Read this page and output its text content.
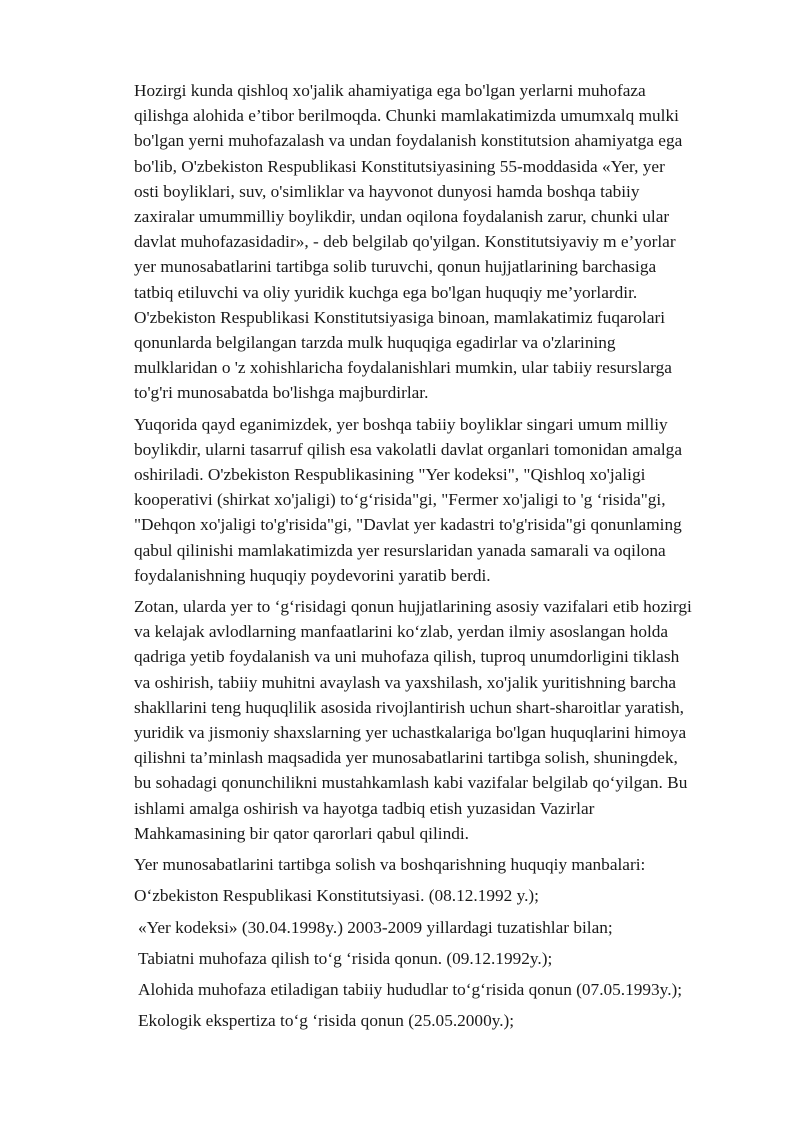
Hozirgi kunda qishloq xo'jalik ahamiyatiga ega bo'lgan yerlarni muhofaza
qilishga alohida e’tibor berilmoqda. Chunki mamlakatimizda umumxalq mulki
bo'lgan yerni muhofazalash va undan foydalanish konstitutsion ahamiyatga ega
bo'lib, O'zbekiston Respublikasi Konstitutsiyasining 55-moddasida «Yer, yer
osti boyliklari, suv, o'simliklar va hayvonot dunyosi hamda boshqa tabiiy
zaxiralar umummilliy boylikdir, undan oqilona foydalanish zarur, chunki ular
davlat muhofazasidadir», - deb belgilab qo'yilgan. Konstitutsiyaviy m e’yorlar
yer munosabatlarini tartibga solib turuvchi, qonun hujjatlarining barchasiga
tatbiq etiluvchi va oliy yuridik kuchga ega bo'lgan huquqiy me’yorlardir.
O'zbekiston Respublikasi Konstitutsiyasiga binoan, mamlakatimiz fuqarolari
qonunlarda belgilangan tarzda mulk huquqiga egadirlar va o'zlarining
mulklaridan o 'z xohishlaricha foydalanishlari mumkin, ular tabiiy resurslarga
to'g'ri munosabatda bo'lishga majburdirlar.
Yuqorida qayd eganimizdek, yer boshqa tabiiy boyliklar singari umum milliy
boylikdir, ularni tasarruf qilish esa vakolatli davlat organlari tomonidan amalga
oshiriladi. O'zbekiston Respublikasining "Yer kodeksi", "Qishloq xo'jaligi
kooperativi (shirkat xo'jaligi) to‘g‘risida"gi, "Fermer xo'jaligi to 'g ‘risida"gi,
"Dehqon xo'jaligi to'g'risida"gi, "Davlat yer kadastri to'g'risida"gi qonunlaming
qabul qilinishi mamlakatimizda yer resurslaridan yanada samarali va oqilona
foydalanishning huquqiy poydevorini yaratib berdi.
Zotan, ularda yer to ‘g‘risidagi qonun hujjatlarining asosiy vazifalari etib hozirgi
va kelajak avlodlarning manfaatlarini ko‘zlab, yerdan ilmiy asoslangan holda
qadriga yetib foydalanish va uni muhofaza qilish, tuproq unumdorligini tiklash
va oshirish, tabiiy muhitni avaylash va yaxshilash, xo'jalik yuritishning barcha
shakllarini teng huquqlilik asosida rivojlantirish uchun shart-sharoitlar yaratish,
yuridik va jismoniy shaxslarning yer uchastkalariga bo'lgan huquqlarini himoya
qilishni ta’minlash maqsadida yer munosabatlarini tartibga solish, shuningdek,
bu sohadagi qonunchilikni mustahkamlash kabi vazifalar belgilab qo‘yilgan. Bu
ishlami amalga oshirish va hayotga tadbiq etish yuzasidan Vazirlar
Mahkamasining bir qator qarorlari qabul qilindi.
Yer munosabatlarini tartibga solish va boshqarishning huquqiy manbalari:
O‘zbekiston Respublikasi Konstitutsiyasi. (08.12.1992 y.);
«Yer kodeksi» (30.04.1998y.) 2003-2009 yillardagi tuzatishlar bilan;
Tabiatni muhofaza qilish to‘g ‘risida qonun. (09.12.1992y.);
Alohida muhofaza etiladigan tabiiy hududlar to‘g‘risida qonun (07.05.1993y.);
Ekologik ekspertiza to‘g ‘risida qonun (25.05.2000y.);
